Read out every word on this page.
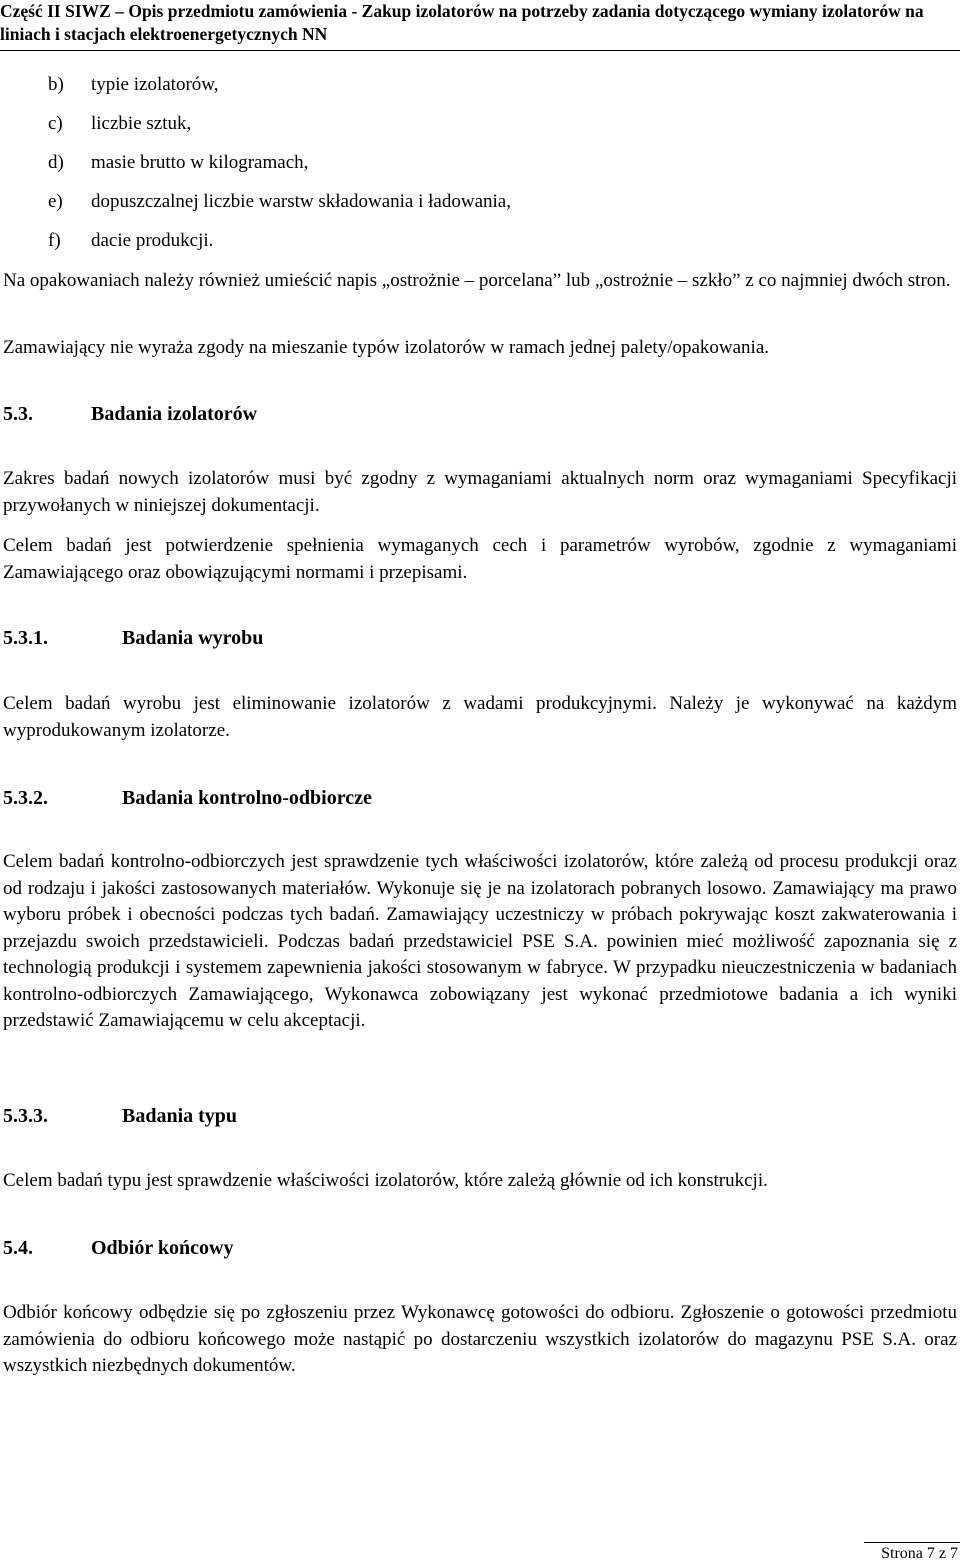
Część II SIWZ – Opis przedmiotu zamówienia - Zakup izolatorów na potrzeby zadania dotyczącego wymiany izolatorów na
liniach i stacjach elektroenergetycznych NN
b)	typie izolatorów,
c)	liczbie sztuk,
d)	masie brutto w kilogramach,
e)	dopuszczalnej liczbie warstw składowania i ładowania,
f)	dacie produkcji.
Na opakowaniach należy również umieścić napis „ostrożnie – porcelana” lub „ostrożnie – szkło” z co najmniej dwóch stron.
Zamawiający nie wyraża zgody na mieszanie typów izolatorów w ramach jednej palety/opakowania.
5.3.	Badania izolatorów
Zakres badań nowych izolatorów musi być zgodny z wymaganiami aktualnych norm oraz wymaganiami Specyfikacji przywołanych w niniejszej dokumentacji.
Celem badań jest potwierdzenie spełnienia wymaganych cech i parametrów wyrobów, zgodnie z wymaganiami Zamawiającego oraz obowiązującymi normami i przepisami.
5.3.1.	Badania wyrobu
Celem badań wyrobu jest eliminowanie izolatorów z wadami produkcyjnymi. Należy je wykonywać na każdym wyprodukowanym izolatorze.
5.3.2.	Badania kontrolno-odbiorcze
Celem badań kontrolno-odbiorczych jest sprawdzenie tych właściwości izolatorów, które zależą od procesu produkcji oraz od rodzaju i jakości zastosowanych materiałów. Wykonuje się je na izolatorach pobranych losowo. Zamawiający ma prawo wyboru próbek i obecności podczas tych badań. Zamawiający uczestniczy w próbach pokrywając koszt zakwaterowania i przejazdu swoich przedstawicieli. Podczas badań przedstawiciel PSE S.A. powinien mieć możliwość zapoznania się z technologią produkcji i systemem zapewnienia jakości stosowanym w fabryce. W przypadku nieuczestniczenia w badaniach kontrolno-odbiorczych Zamawiającego, Wykonawca zobowiązany jest wykonać przedmiotowe badania a ich wyniki przedstawić Zamawiającemu w celu akceptacji.
5.3.3.	Badania typu
Celem badań typu jest sprawdzenie właściwości izolatorów, które zależą głównie od ich konstrukcji.
5.4.	Odbiór końcowy
Odbiór końcowy odbędzie się po zgłoszeniu przez Wykonawcę gotowości do odbioru. Zgłoszenie o gotowości przedmiotu zamówienia do odbioru końcowego może nastąpić po dostarczeniu wszystkich izolatorów do magazynu PSE S.A. oraz wszystkich niezbędnych dokumentów.
Strona 7 z 7
